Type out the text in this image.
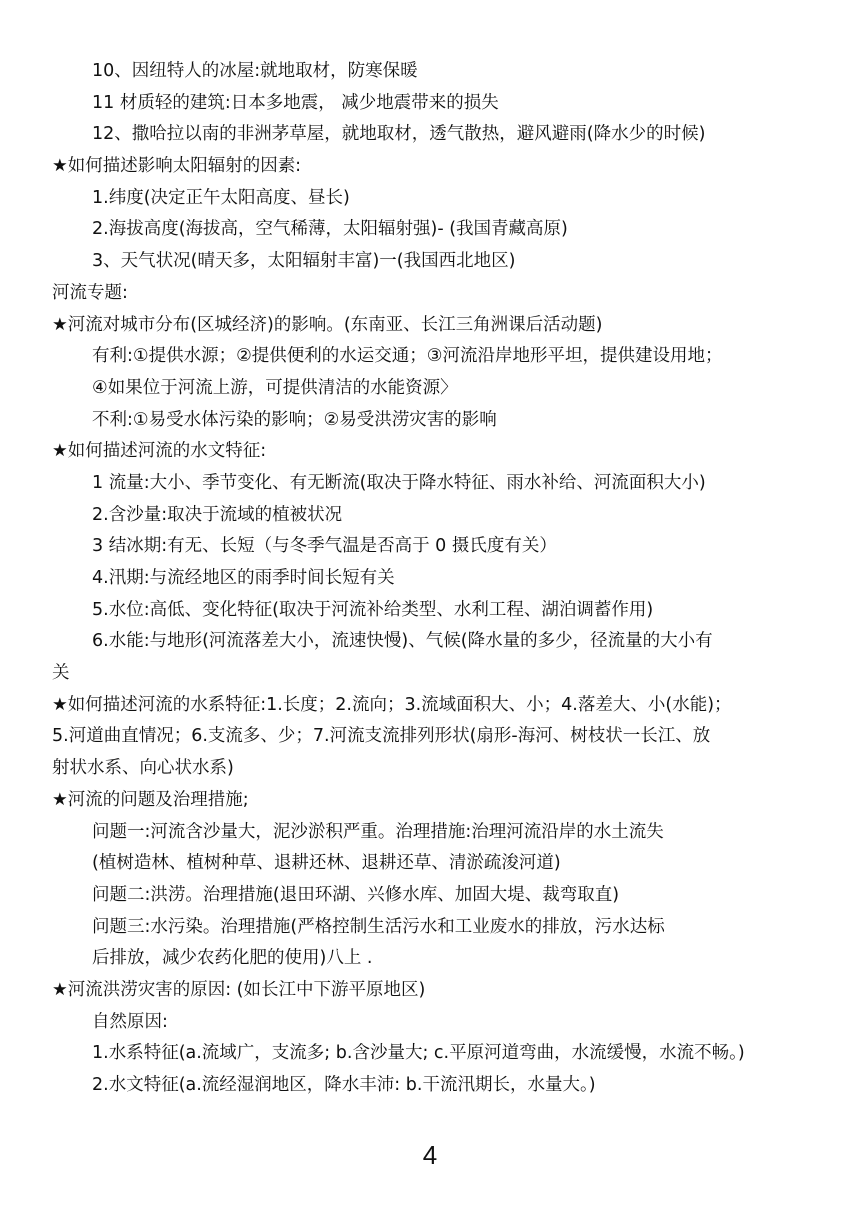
10、因纽特人的冰屋:就地取材，防寒保暖
11 材质轻的建筑:日本多地震， 减少地震带来的损失
12、撒哈拉以南的非洲茅草屋，就地取材，透气散热，避风避雨(降水少的时候)
★如何描述影响太阳辐射的因素:
1.纬度(决定正午太阳高度、昼长)
2.海拔高度(海拔高，空气稀薄，太阳辐射强)- (我国青藏高原)
3、天气状况(晴天多，太阳辐射丰富)一(我国西北地区)
河流专题:
★河流对城市分布(区城经济)的影响。(东南亚、长江三角洲课后活动题)
有利:①提供水源；②提供便利的水运交通；③河流沿岸地形平坦，提供建设用地；
④如果位于河流上游，可提供清洁的水能资源〉
不利:①易受水体污染的影响；②易受洪涝灾害的影响
★如何描述河流的水文特征:
1 流量:大小、季节变化、有无断流(取决于降水特征、雨水补给、河流面积大小)
2.含沙量:取决于流域的植被状况
3 结冰期:有无、长短（与冬季气温是否高于 0 摄氏度有关）
4.汛期:与流经地区的雨季时间长短有关
5.水位:高低、变化特征(取决于河流补给类型、水利工程、湖泊调蓄作用)
6.水能:与地形(河流落差大小，流速快慢)、气候(降水量的多少，径流量的大小有
关
★如何描述河流的水系特征:1.长度；2.流向；3.流域面积大、小；4.落差大、小(水能)；
5.河道曲直情况；6.支流多、少；7.河流支流排列形状(扇形-海河、树枝状一长江、放
射状水系、向心状水系)
★河流的问题及治理措施;
问题一:河流含沙量大，泥沙淤积严重。治理措施:治理河流沿岸的水土流失
(植树造林、植树种草、退耕还林、退耕还草、清淤疏浚河道)
问题二:洪涝。治理措施(退田环湖、兴修水库、加固大堤、裁弯取直)
问题三:水污染。治理措施(严格控制生活污水和工业废水的排放，污水达标
后排放，减少农药化肥的使用)八上 .
★河流洪涝灾害的原因: (如长江中下游平原地区)
自然原因:
1.水系特征(a.流域广，支流多; b.含沙量大; c.平原河道弯曲，水流缓慢，水流不畅。)
2.水文特征(a.流经湿润地区，降水丰沛: b.干流汛期长，水量大。)
4
